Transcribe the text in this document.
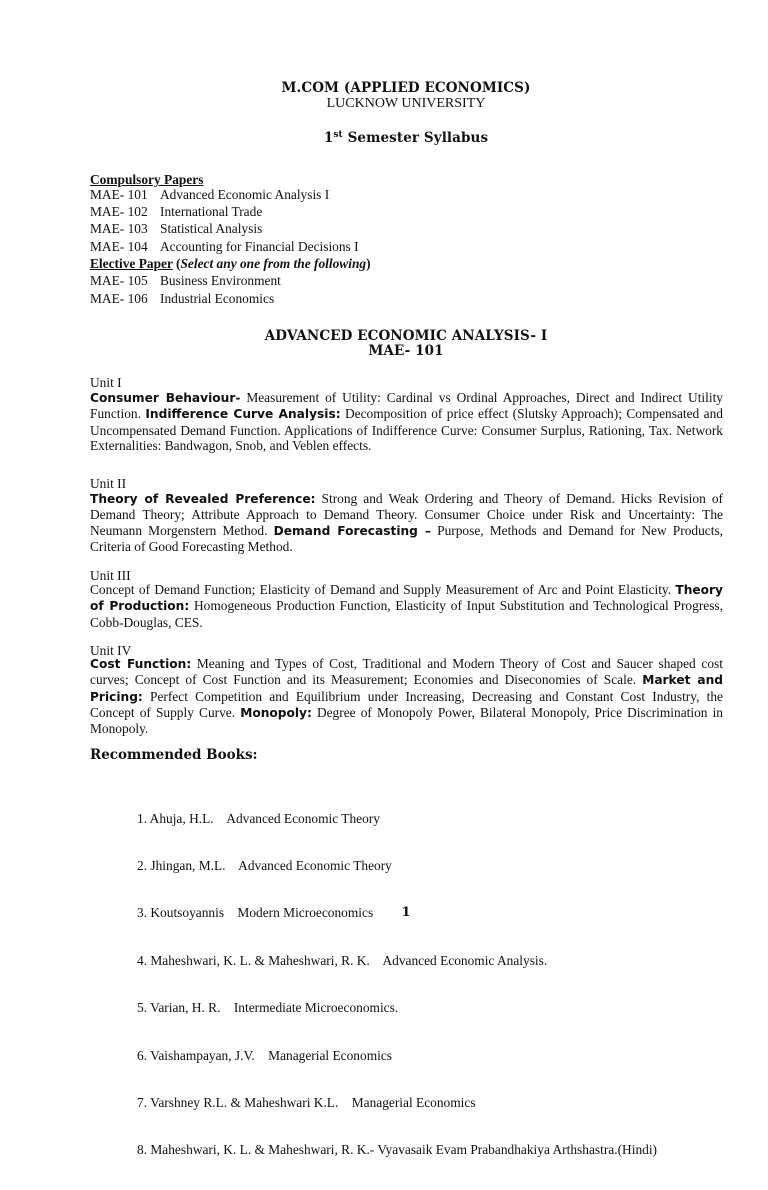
M.COM (APPLIED ECONOMICS)
LUCKNOW UNIVERSITY
1st Semester Syllabus
Compulsory Papers
MAE- 101 Advanced Economic Analysis I
MAE- 102 International Trade
MAE- 103 Statistical Analysis
MAE- 104 Accounting for Financial Decisions I
Elective Paper (Select any one from the following)
MAE- 105 Business Environment
MAE- 106 Industrial Economics
ADVANCED ECONOMIC ANALYSIS- I
MAE- 101
Unit I
Consumer Behaviour- Measurement of Utility: Cardinal vs Ordinal Approaches, Direct and Indirect Utility Function. Indifference Curve Analysis: Decomposition of price effect (Slutsky Approach); Compensated and Uncompensated Demand Function. Applications of Indifference Curve: Consumer Surplus, Rationing, Tax. Network Externalities: Bandwagon, Snob, and Veblen effects.
Unit II
Theory of Revealed Preference: Strong and Weak Ordering and Theory of Demand. Hicks Revision of Demand Theory; Attribute Approach to Demand Theory. Consumer Choice under Risk and Uncertainty: The Neumann Morgenstern Method. Demand Forecasting – Purpose, Methods and Demand for New Products, Criteria of Good Forecasting Method.
Unit III
Concept of Demand Function; Elasticity of Demand and Supply Measurement of Arc and Point Elasticity. Theory of Production: Homogeneous Production Function, Elasticity of Input Substitution and Technological Progress, Cobb-Douglas, CES.
Unit IV
Cost Function: Meaning and Types of Cost, Traditional and Modern Theory of Cost and Saucer shaped cost curves; Concept of Cost Function and its Measurement; Economies and Diseconomies of Scale. Market and Pricing: Perfect Competition and Equilibrium under Increasing, Decreasing and Constant Cost Industry, the Concept of Supply Curve. Monopoly: Degree of Monopoly Power, Bilateral Monopoly, Price Discrimination in Monopoly.
Recommended Books:

1. Ahuja, H.L.    Advanced Economic Theory

2. Jhingan, M.L.    Advanced Economic Theory

3. Koutsoyannis    Modern Microeconomics

4. Maheshwari, K. L. & Maheshwari, R. K.    Advanced Economic Analysis.

5. Varian, H. R.    Intermediate Microeconomics.

6. Vaishampayan, J.V.    Managerial Economics

7. Varshney R.L. & Maheshwari K.L.    Managerial Economics

8. Maheshwari, K. L. & Maheshwari, R. K.- Vyavasaik Evam Prabandhakiya Arthshastra.(Hindi)

1
